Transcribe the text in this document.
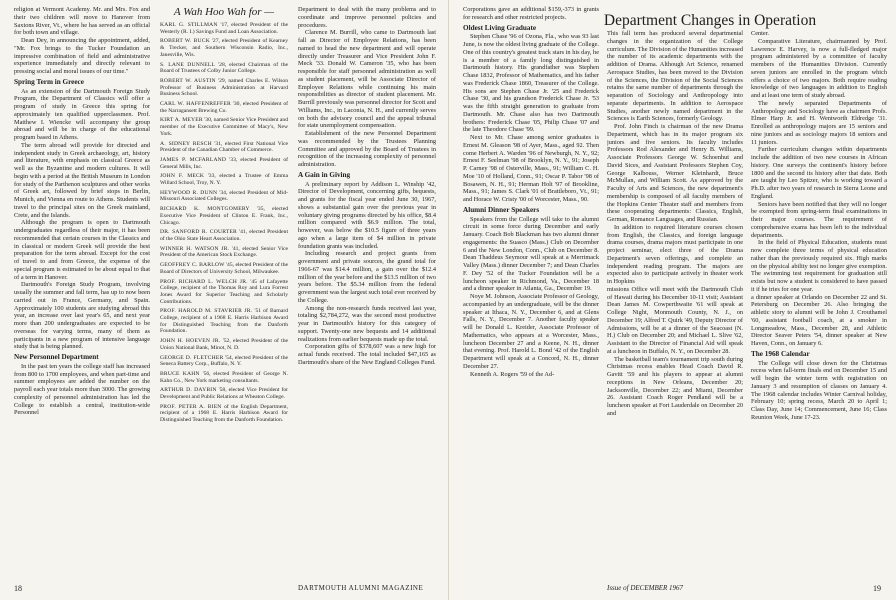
religion at Vermont Academy. Mr. and Mrs. Fox and their two children will move to Hanover from Saxtons River, Vt., where he has served as an official for both town and village.

Dean Dey, in announcing the appointment, added, "Mr. Fox brings to the Tucker Foundation an impressive combination of field and administrative experience immediately and directly relevant to pressing social and moral issues of our time."

Spring Term in Greece

As an extension of the Dartmouth Foreign Study Program, the Department of Classics will offer a program of study in Greece this spring for approximately ten qualified upperclassmen. Prof. Matthew I. Wiencke will accompany the group abroad and will be in charge of the educational program based in Athens.

The term abroad will provide for directed and independent study in Greek archaeology, art, history and literature, with emphasis on classical Greece as well as the Byzantine and modern cultures. It will begin with a period at the British Museum in London for study of the Parthenon sculptures and other works of Greek art, followed by brief stops in Berlin, Munich, and Vienna en route to Athens. Students will travel to the principal sites on the Greek mainland, Crete, and the Islands.

Although the program is open to Dartmouth undergraduates regardless of their major, it has been recommended that certain courses in the Classics and in classical or modern Greek will provide the best preparation for the term abroad. Except for the cost of travel to and from Greece, the expense of the special program is estimated to be about equal to that of a term in Hanover.

Dartmouth's Foreign Study Program, involving usually the summer and fall term, has up to now been carried out in France, Germany, and Spain. Approximately 100 students are studying abroad this year, an increase over last year's 65, and next year more than 200 undergraduates are expected to be overseas for varying terms, many of them as participants in a new program of intensive language study that is being planned.

New Personnel Department

In the past ten years the college staff has increased from 800 to 1700 employees, and when part-time and summer employees are added the number on the payroll each year totals more than 3000. The growing complexity of personnel administration has led the College to establish a central, institution-wide Personnel

A Wah Hoo Wah for —

KARL G. STILLMAN '17, elected President of the Westerly (R. I.) Savings Fund and Loan Association.

ROBERT W. BUCK '27, elected President of Kearney & Trecker, and Southern Wisconsin Radio, Inc., Janesville, Wis.

S. LANE DUNNELL '28, elected Chairman of the Board of Trustees of Colby Junior College.

ROBERT W. AUSTIN '29, named Charles E. Wilson Professor of Business Administration at Harvard Business School.

CARL W. HAFFENREFFER '30, elected President of the Narragansett Brewing Co.

KIRT A. MEYER '30, named Senior Vice President and member of the Executive Committee of Macy's, New York.

A. SIDNEY RESCH '31, elected First National Vice President of the Canadian Chamber of Commerce.

JAMES P. MCFARLAND '33, elected President of General Mills, Inc.

JOHN F. MECK '33, elected a Trustee of Emma Willard School, Troy, N. Y.

HEYWOOD R. DUNN '34, elected President of Mid-Missouri Associated Colleges.

RICHARD K. MONTGOMERY '35, elected Executive Vice President of Clinton E. Frank, Inc., Chicago.

DR. SANFORD R. COURTER '41, elected President of the Ohio State Heart Association.

WINNER H. WATSON JR. '41, elected Senior Vice President of the American Stock Exchange.

GEOFFREY C. BARLOW '45, elected President of the Board of Directors of University School, Milwaukee.

PROF. RICHARD L. WELCH JR. '45 of Lafayette College, recipient of the Thomas Roy and Lura Forrest Jones Award for Superior Teaching and Scholarly Contributions.

PROF. HAROLD M. STAVRIER JR. '51 of Barnard College, recipient of a 1968 E. Harris Harbison Award for Distinguished Teaching from the Danforth Foundation.

JOHN H. HOEVEN JR. '52, elected President of the Union National Bank, Minot, N. D.

GEORGE D. FLETCHER '54, elected President of the Seneca Battery Corp., Buffalo, N. Y.

BRUCE KAHN '56, elected President of George N. Kahn Co., New York marketing consultants.

ARTHUR D. DAYBIN '58, elected Vice President for Development and Public Relations at Wheaton College.

PROF. PETER A. BIEN of the English Department, recipient of a 1968 E. Harris Harbison Award for Distinguished Teaching from the Danforth Foundation.

Department to deal with the many problems and to coordinate and improve personnel policies and procedures.

Clarence M. Burrill, who came to Dartmouth last fall as Director of Employee Relations, has been named to head the new department and will operate directly under Treasurer and Vice President John F. Meck '33. Donald W. Cameron '35, who has been responsible for staff personnel administration as well as student placement, will be Associate Director of Employee Relations while continuing his main responsibilities as director of student placement. Mr. Burrill previously was personnel director for Scott and Williams, Inc., in Laconia, N. H., and currently serves on both the advisory council and the appeal tribunal for state unemployment compensation.

Establishment of the new Personnel Department was recommended by the Trustees Planning Committee and approved by the Board of Trustees in recognition of the increasing complexity of personnel administration.

A Gain in Giving

A preliminary report by Addison L. Winship '42, Director of Development, concerning gifts, bequests, and grants for the fiscal year ended June 30, 1967, shows a substantial gain over the previous year in voluntary giving programs directed by his office, $8.4 million compared with $6.9 million. The total, however, was below the $10.5 figure of three years ago when a large item of $4 million in private foundation grants was included.

Including research and project grants from government and private sources, the grand total for 1966-67 was $14.4 million, a gain over the $12.4 million of the year before and the $13.5 million of two years before. The $5.34 million from the federal government was the largest such total ever received by the College.

Among the non-research funds received last year, totaling $2,784,272, was the second most productive year in Dartmouth's history for this category of support. Twenty-one new bequests and 14 additional realizations from earlier bequests made up the total.

Corporation gifts of $378,607 was a new high for actual funds received. The total included $47,165 as Dartmouth's share of the New England Colleges Fund.

18	DARTMOUTH ALUMNI MAGAZINE

Corporations gave an additional $159,-373 in grants for research and other restricted projects.

Oldest Living Graduate

Stephen Chase '96 of Ozona, Fla., who was 93 last June, is now the oldest living graduate of the College. One of this country's greatest track stars in his day, he is a member of a family long distinguished in Dartmouth history. His grandfather was Stephen Chase 1832, Professor of Mathematics, and his father was Frederick Chase 1860, Treasurer of the College. His sons are Stephen Chase Jr. '25 and Frederick Chase '30, and his grandson Frederick Chase Jr. '53 was the fifth straight generation to graduate from Dartmouth. Mr. Chase also has two Dartmouth brothers: Frederick Chase '05, Philip Chase '07 and the late Theodore Chase '99.

Next to Mr. Chase among senior graduates is Ernest M. Gleason '98 of Ayer, Mass., aged 92. Then come Herbert A. Warden '96 of Newburgh, N. Y., 92; Ernest F. Seelman '98 of Brooklyn, N. Y., 91; Joseph P. Carney '98 of Osterville, Mass., 91; William C. H. Moe '10 of Holland, Conn., 91; Oscar P. Tabor '98 of Bosawen, N. H., 91; Herman Holt '97 of Brookline, Mass., 91; James S. Clark '01 of Brattleboro, Vt., 91; and Horace W. Cristy '00 of Worcester, Mass., 90.

Alumni Dinner Speakers

Speakers from the College will take to the alumni circuit in some force during December and early January. Coach Bob Blackman has two alumni dinner engagements: the Suasco (Mass.) Club on December 6 and the New London, Conn., Club on December 8. Dean Thaddeus Seymour will speak at a Merrimack Valley (Mass.) dinner December 7; and Dean Charles F. Dey '52 of the Tucker Foundation will be a luncheon speaker in Richmond, Va., December 18 and a dinner speaker in Atlanta, Ga., December 19.

Noye M. Johnson, Associate Professor of Geology, accompanied by an undergraduate, will be the dinner speaker at Ithaca, N. Y., December 6, and at Glens Falls, N. Y., December 7. Another faculty speaker will be Donald L. Kreider, Associate Professor of Mathematics, who appears at a Worcester, Mass., luncheon December 27 and a Keene, N. H., dinner that evening. Prof. Harold L. Bond '42 of the English Department will speak at a Concord, N. H., dinner December 27.

Kenneth A. Rogers '59 of the Ad-

This fall term has produced several departmental changes in the organization of the College curriculum. The Division of the Humanities increased the number of its academic departments with the addition of Drama. Although Art Science, renamed Aerospace Studies, has been moved to the Division of the Sciences, the Division of the Social Sciences retains the same number of departments through the separation of Sociology and Anthropology into separate departments. In addition to Aerospace Studies, another newly named department in the Sciences is Earth Sciences, formerly Geology.

Prof. John Finch is chairman of the new Drama Department, which has in its major program six juniors and five seniors. Its faculty includes Professors Rod Alexander and Henry B. Williams, Associate Professors George W. Schoenhut and David Sices, and Assistant Professors Stephen Coy, George Kalbouss, Werner Kleinhardt, Bruce McMullan, and William Scott. As approved by the Faculty of Arts and Sciences, the new department's membership is composed of all faculty members of the Hopkins Center Theater staff and members from these cooperating departments: Classics, English, German, Romance Languages, and Russian.

In addition to required literature courses chosen from English, the Classics, and foreign language drama courses, drama majors must participate in one project seminar, elect three of the Drama Department's seven offerings, and complete an independent reading program. The majors are expected also to participate actively in theater work in Hopkins

missions Office will meet with the Dartmouth Club of Hawaii during his December 10-11 visit; Assistant Dean James M. Cowperthwaite '61 will speak at College Night, Monmouth County, N. J., on December 19; Alfred T. Quirk '49, Deputy Director of Admissions, will be at a dinner of the Seacoast (N. H.) Club on December 20; and Michael L. Slive '62, Assistant to the Director of Financial Aid will speak at a luncheon in Buffalo, N. Y., on December 28.

The basketball team's tournament trip south during Christmas recess enables Head Coach David R. Gavitt '59 and his players to appear at alumni receptions in New Orleans, December 20; Jacksonville, December 22; and Miami, December 26. Assistant Coach Roger Pendland will be a luncheon speaker at Fort Lauderdale on December 20 and

Center.

Comparative Literature, chairmanned by Prof. Lawrence E. Harvey, is now a full-fledged major program administered by a committee of faculty members of the Humanities Division. Currently seven juniors are enrolled in the program which offers a choice of two majors. Both require reading knowledge of two languages in addition to English and at least one term of study abroad.

The newly separated Departments of Anthropology and Sociology have as chairmen Profs. Elmer Harp Jr. and H. Wentworth Eldredge '31. Enrolled as anthropology majors are 15 seniors and nine juniors and as sociology majors 18 seniors and 11 juniors.

Further curriculum changes within departments include the addition of two new courses in African history. One surveys the continent's history before 1800 and the second its history after that date. Both are taught by Leo Spitzer, who is working toward a Ph.D. after two years of research in Sierra Leone and England.

Seniors have been notified that they will no longer be exempted from spring-term final examinations in their major courses. The requirement of comprehensive exams has been left to the individual departments.

In the field of Physical Education, students must now complete three terms of physical education rather than the previously required six. High marks on the physical ability test no longer give exemption. The swimming test requirement for graduation still exists but now a student is considered to have passed it if he tries for one year.

a dinner speaker at Orlando on December 22 and St. Petersburg on December 26. Also bringing the athletic story to alumni will be John J. Crouthamel '60, assistant football coach, at a smoker in Longmeadow, Mass., December 28, and Athletic Director Seaver Peters '54, dinner speaker at New Haven, Conn., on January 6.

The 1968 Calendar

The College will close down for the Christmas recess when fall-term finals end on December 15 and will begin the winter term with registration on January 3 and resumption of classes on January 4. The 1968 calendar includes Winter Carnival holiday, February 10; spring recess, March 20 to April 1; Class Day, June 14; Commencement, June 16; Class Reunion Week, June 17-23.

Issue of DECEMBER 1967	19
Department Changes in Operation
